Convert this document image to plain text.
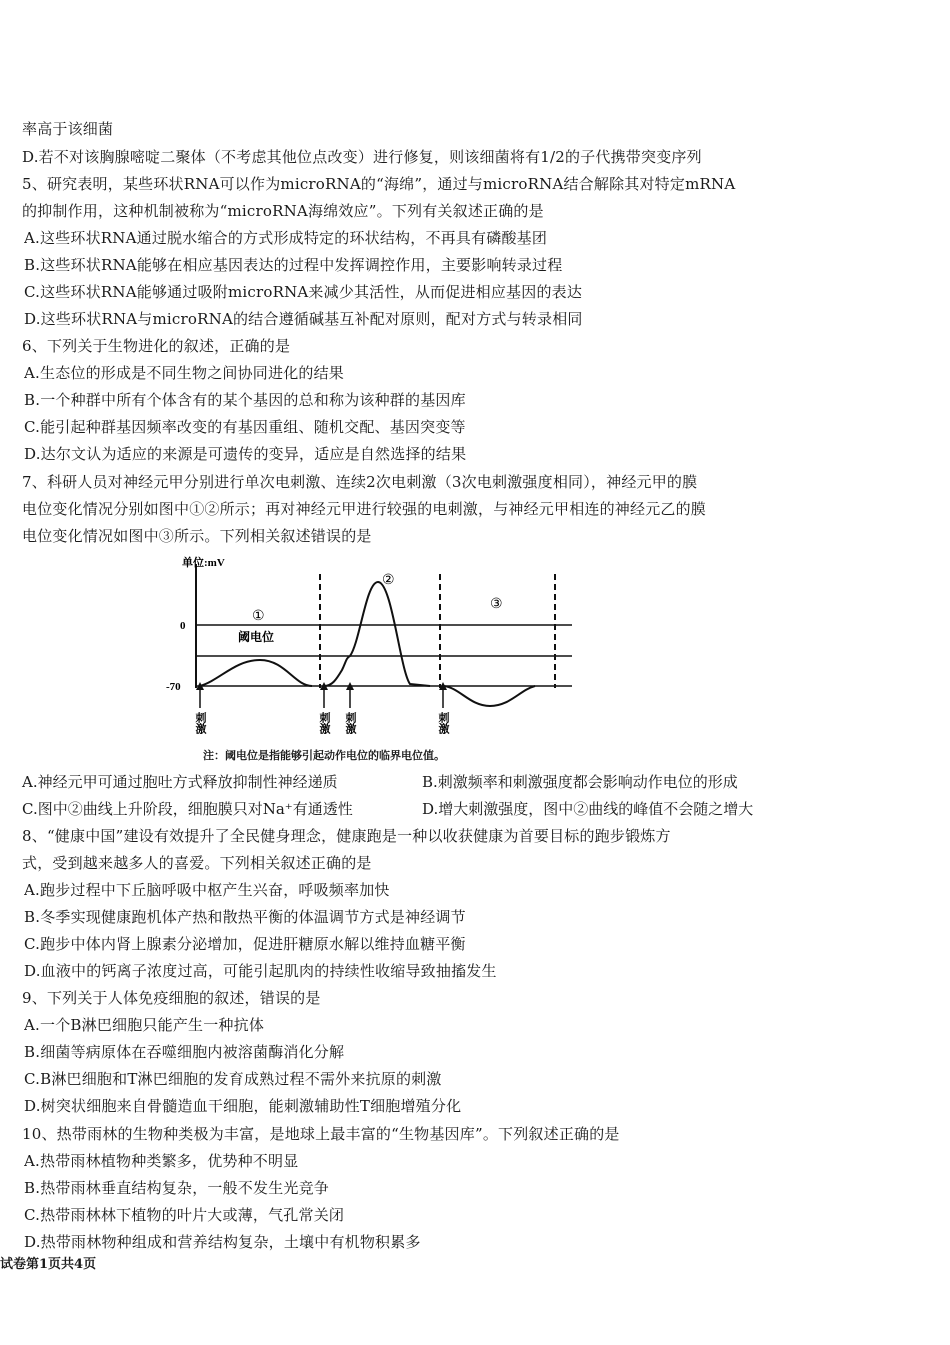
率高于该细菌
D.若不对该胸腺嘧啶二聚体（不考虑其他位点改变）进行修复，则该细菌将有1/2的子代携带突变序列
5、研究表明，某些环状RNA可以作为microRNA的“海绵”，通过与microRNA结合解除其对特定mRNA
的抑制作用，这种机制被称为“microRNA海绵效应”。下列有关叙述正确的是
A.这些环状RNA通过脱水缩合的方式形成特定的环状结构，不再具有磷酸基团
B.这些环状RNA能够在相应基因表达的过程中发挥调控作用，主要影响转录过程
C.这些环状RNA能够通过吸附microRNA来减少其活性，从而促进相应基因的表达
D.这些环状RNA与microRNA的结合遵循碱基互补配对原则，配对方式与转录相同
6、下列关于生物进化的叙述，正确的是
A.生态位的形成是不同生物之间协同进化的结果
B.一个种群中所有个体含有的某个基因的总和称为该种群的基因库
C.能引起种群基因频率改变的有基因重组、随机交配、基因突变等
D.达尔文认为适应的来源是可遗传的变异，适应是自然选择的结果
7、科研人员对神经元甲分别进行单次电刺激、连续2次电刺激（3次电刺激强度相同），神经元甲的膜
电位变化情况分别如图中①②所示；再对神经元甲进行较强的电刺激，与神经元甲相连的神经元乙的膜
电位变化情况如图中③所示。下列相关叙述错误的是
单位:mV
0
阈电位
-70
①
②
③
刺激	刺激 刺激	刺激
注：阈电位是指能够引起动作电位的临界电位值。
A.神经元甲可通过胞吐方式释放抑制性神经递质	B.刺激频率和刺激强度都会影响动作电位的形成
C.图中②曲线上升阶段，细胞膜只对Na⁺有通透性	D.增大刺激强度，图中②曲线的峰值不会随之增大
8、“健康中国”建设有效提升了全民健身理念，健康跑是一种以收获健康为首要目标的跑步锻炼方
式，受到越来越多人的喜爱。下列相关叙述正确的是
A.跑步过程中下丘脑呼吸中枢产生兴奋，呼吸频率加快
B.冬季实现健康跑机体产热和散热平衡的体温调节方式是神经调节
C.跑步中体内肾上腺素分泌增加，促进肝糖原水解以维持血糖平衡
D.血液中的钙离子浓度过高，可能引起肌肉的持续性收缩导致抽搐发生
9、下列关于人体免疫细胞的叙述，错误的是
A.一个B淋巴细胞只能产生一种抗体
B.细菌等病原体在吞噬细胞内被溶菌酶消化分解
C.B淋巴细胞和T淋巴细胞的发育成熟过程不需外来抗原的刺激
D.树突状细胞来自骨髓造血干细胞，能刺激辅助性T细胞增殖分化
10、热带雨林的生物种类极为丰富，是地球上最丰富的“生物基因库”。下列叙述正确的是
A.热带雨林植物种类繁多，优势种不明显
B.热带雨林垂直结构复杂，一般不发生光竞争
C.热带雨林林下植物的叶片大或薄，气孔常关闭
D.热带雨林物种组成和营养结构复杂，土壤中有机物积累多
试卷第1页共4页
